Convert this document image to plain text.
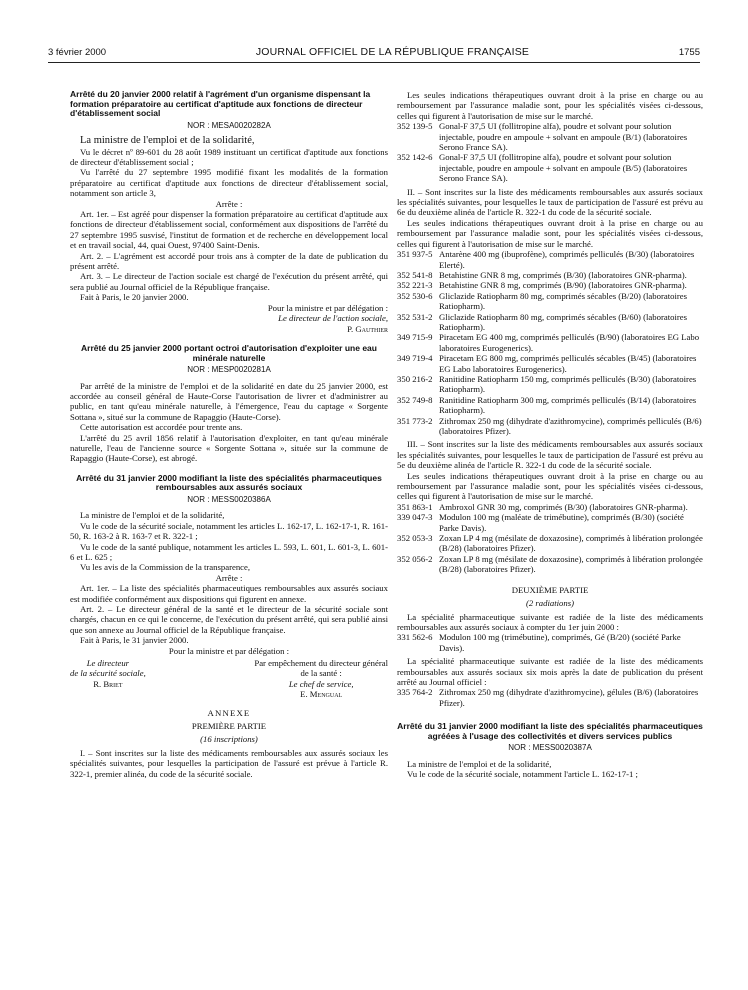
3 février 2000	JOURNAL OFFICIEL DE LA RÉPUBLIQUE FRANÇAISE	1755
Arrêté du 20 janvier 2000 relatif à l'agrément d'un organisme dispensant la formation préparatoire au certificat d'aptitude aux fonctions de directeur d'établissement social
NOR : MESA0020282A

La ministre de l'emploi et de la solidarité,

Vu le décret nº 89-601 du 28 août 1989 instituant un certificat d'aptitude aux fonctions de directeur d'établissement social ;

Vu l'arrêté du 27 septembre 1995 modifié fixant les modalités de la formation préparatoire au certificat d'aptitude aux fonctions de directeur d'établissement social, notamment son article 3,

Arrête :

Art. 1er. – Est agréé pour dispenser la formation préparatoire au certificat d'aptitude aux fonctions de directeur d'établissement social, conformément aux dispositions de l'arrêté du 27 septembre 1995 susvisé, l'institut de formation et de recherche en développement local et en travail social, 44, quai Ouest, 97400 Saint-Denis.

Art. 2. – L'agrément est accordé pour trois ans à compter de la date de publication du présent arrêté.

Art. 3. – Le directeur de l'action sociale est chargé de l'exécution du présent arrêté, qui sera publié au Journal officiel de la République française.

Fait à Paris, le 20 janvier 2000.

Pour la ministre et par délégation :

Le directeur de l'action sociale,

P. Gauthier

Arrêté du 25 janvier 2000 portant octroi d'autorisation d'exploiter une eau minérale naturelle
NOR : MESP0020281A

Par arrêté de la ministre de l'emploi et de la solidarité en date du 25 janvier 2000, est accordée au conseil général de Haute-Corse l'autorisation de livrer et d'administrer au public, en tant qu'eau minérale naturelle, à l'émergence, l'eau du captage « Sorgente Sottana », situé sur la commune de Rapaggio (Haute-Corse).

Cette autorisation est accordée pour trente ans.

L'arrêté du 25 avril 1856 relatif à l'autorisation d'exploiter, en tant qu'eau minérale naturelle, l'eau de l'ancienne source « Sorgente Sottana », située sur la commune de Rapaggio (Haute-Corse), est abrogé.

Arrêté du 31 janvier 2000 modifiant la liste des spécialités pharmaceutiques remboursables aux assurés sociaux
NOR : MESS0020386A

La ministre de l'emploi et de la solidarité,

Vu le code de la sécurité sociale, notamment les articles L. 162-17, L. 162-17-1, R. 161-50, R. 163-2 à R. 163-7 et R. 322-1 ;

Vu le code de la santé publique, notamment les articles L. 593, L. 601, L. 601-3, L. 601-6 et L. 625 ;

Vu les avis de la Commission de la transparence,

Arrête :

Art. 1er. – La liste des spécialités pharmaceutiques remboursables aux assurés sociaux est modifiée conformément aux dispositions qui figurent en annexe.

Art. 2. – Le directeur général de la santé et le directeur de la sécurité sociale sont chargés, chacun en ce qui le concerne, de l'exécution du présent arrêté, qui sera publié ainsi que son annexe au Journal officiel de la République française.

Fait à Paris, le 31 janvier 2000.

Pour la ministre et par délégation :

Le directeur
de la sécurité sociale,
R. Briet
Par empêchement du directeur général
de la santé :
Le chef de service,
E. Mengual
ANNEXE

PREMIÈRE PARTIE

(16 inscriptions)

I. – Sont inscrites sur la liste des médicaments remboursables aux assurés sociaux les spécialités suivantes, pour lesquelles la participation de l'assuré est prévue à l'article R. 322-1, premier alinéa, du code de la sécurité sociale.

Les seules indications thérapeutiques ouvrant droit à la prise en charge ou au remboursement par l'assurance maladie sont, pour les spécialités visées ci-dessous, celles qui figurent à l'autorisation de mise sur le marché.

352 139-5 Gonal-F 37,5 UI (follitropine alfa), poudre et solvant pour solution injectable, poudre en ampoule + solvant en ampoule (B/1) (laboratoires Serono France SA).
352 142-6 Gonal-F 37,5 UI (follitropine alfa), poudre et solvant pour solution injectable, poudre en ampoule + solvant en ampoule (B/5) (laboratoires Serono France SA).

II. – Sont inscrites sur la liste des médicaments remboursables aux assurés sociaux les spécialités suivantes, pour lesquelles le taux de participation de l'assuré est prévu au 6e du deuxième alinéa de l'article R. 322-1 du code de la sécurité sociale.

Les seules indications thérapeutiques ouvrant droit à la prise en charge ou au remboursement par l'assurance maladie sont, pour les spécialités visées ci-dessous, celles qui figurent à l'autorisation de mise sur le marché.

351 937-5 Antarène 400 mg (ibuprofène), comprimés pelliculés (B/30) (laboratoires Elerté).
352 541-8 Betahistine GNR 8 mg, comprimés (B/30) (laboratoires GNR-pharma).
352 221-3 Betahistine GNR 8 mg, comprimés (B/90) (laboratoires GNR-pharma).
352 530-6 Gliclazide Ratiopharm 80 mg, comprimés sécables (B/20) (laboratoires Ratiopharm).
352 531-2 Gliclazide Ratiopharm 80 mg, comprimés sécables (B/60) (laboratoires Ratiopharm).
349 715-9 Piracetam EG 400 mg, comprimés pelliculés (B/90) (laboratoires EG Labo laboratoires Eurogenerics).
349 719-4 Piracetam EG 800 mg, comprimés pelliculés sécables (B/45) (laboratoires EG Labo laboratoires Eurogenerics).
350 216-2 Ranitidine Ratiopharm 150 mg, comprimés pelliculés (B/30) (laboratoires Ratiopharm).
352 749-8 Ranitidine Ratiopharm 300 mg, comprimés pelliculés (B/14) (laboratoires Ratiopharm).
351 773-2 Zithromax 250 mg (dihydrate d'azithromycine), comprimés pelliculés (B/6) (laboratoires Pfizer).

III. – Sont inscrites sur la liste des médicaments remboursables aux assurés sociaux les spécialités suivantes, pour lesquelles le taux de participation de l'assuré est prévu au 5e du deuxième alinéa de l'article R. 322-1 du code de la sécurité sociale.

Les seules indications thérapeutiques ouvrant droit à la prise en charge ou au remboursement par l'assurance maladie sont, pour les spécialités visées ci-dessous, celles qui figurent à l'autorisation de mise sur le marché.

351 863-1 Ambroxol GNR 30 mg, comprimés (B/30) (laboratoires GNR-pharma).
339 047-3 Modulon 100 mg (maléate de trimébutine), comprimés (B/30) (société Parke Davis).
352 053-3 Zoxan LP 4 mg (mésilate de doxazosine), comprimés à libération prolongée (B/28) (laboratoires Pfizer).
352 056-2 Zoxan LP 8 mg (mésilate de doxazosine), comprimés à libération prolongée (B/28) (laboratoires Pfizer).

DEUXIÈME PARTIE

(2 radiations)

La spécialité pharmaceutique suivante est radiée de la liste des médicaments remboursables aux assurés sociaux à compter du 1er juin 2000 :

331 562-6 Modulon 100 mg (trimébutine), comprimés, Gé (B/20) (société Parke Davis).

La spécialité pharmaceutique suivante est radiée de la liste des médicaments remboursables aux assurés sociaux six mois après la date de publication du présent arrêté au Journal officiel :

335 764-2 Zithromax 250 mg (dihydrate d'azithromycine), gélules (B/6) (laboratoires Pfizer).
Arrêté du 31 janvier 2000 modifiant la liste des spécialités pharmaceutiques agréées à l'usage des collectivités et divers services publics
NOR : MESS0020387A

La ministre de l'emploi et de la solidarité,

Vu le code de la sécurité sociale, notamment l'article L. 162-17-1 ;
